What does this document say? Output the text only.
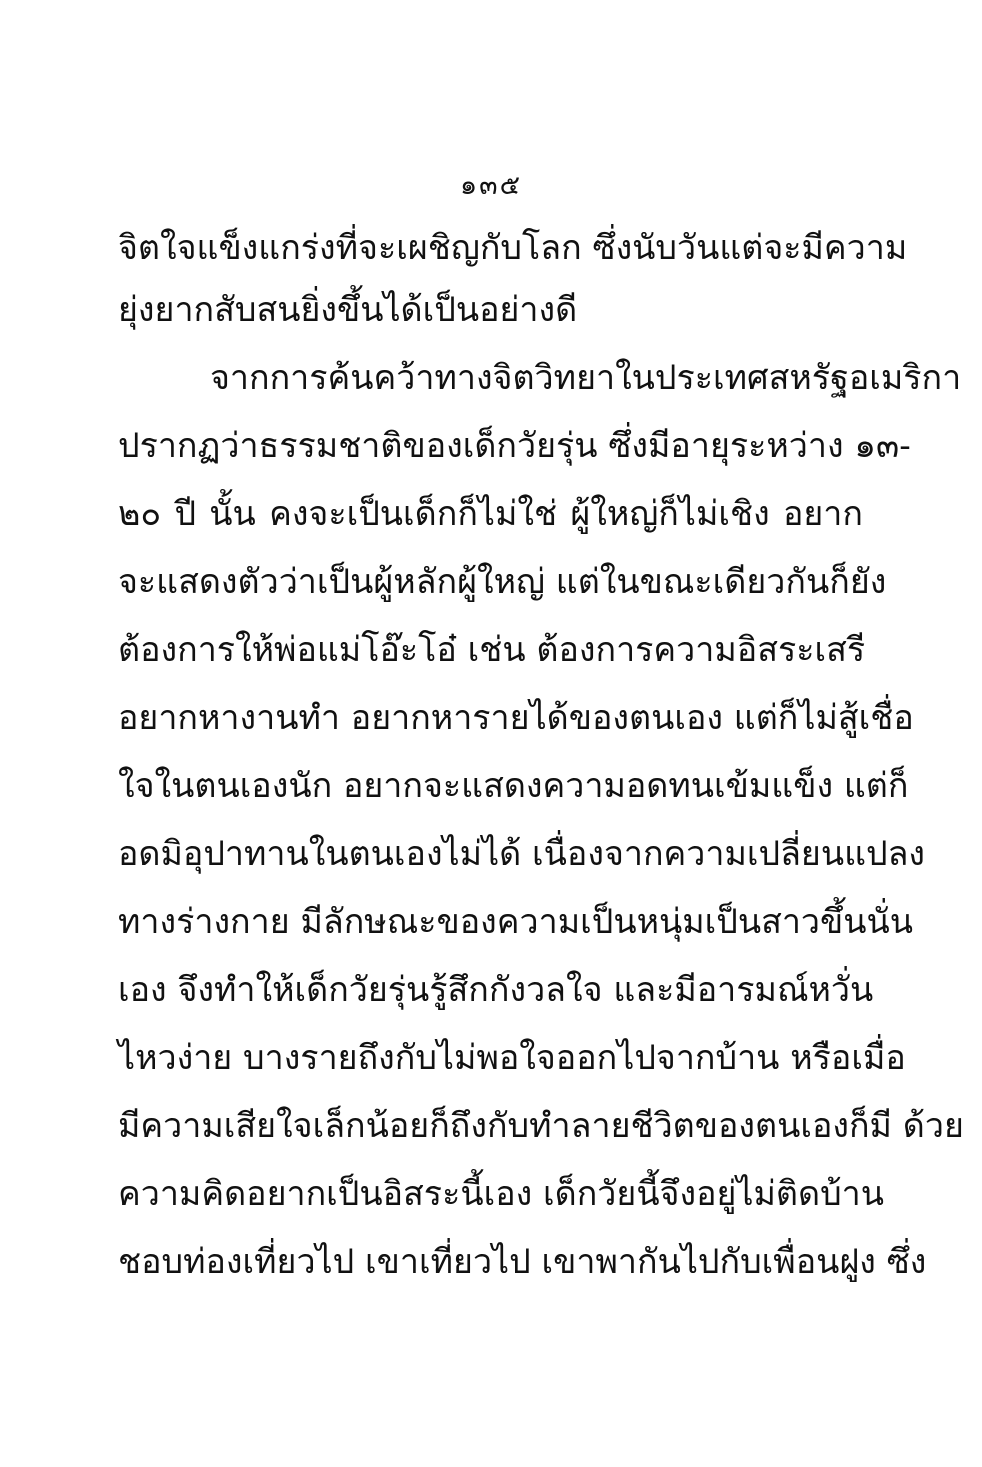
๑๓๕
จิตใจแข็งแกร่งที่จะเผชิญกับโลก ซึ่งนับวันแต่จะมีความ
ยุ่งยากสับสนยิ่งขึ้นได้เป็นอย่างดี
จากการค้นคว้าทางจิตวิทยาในประเทศสหรัฐอเมริกา
ปรากฏว่าธรรมชาติของเด็กวัยรุ่น ซึ่งมีอายุระหว่าง ๑๓-
๒๐ ปี นั้น คงจะเป็นเด็กก็ไม่ใช่ ผู้ใหญ่ก็ไม่เชิง อยาก
จะแสดงตัวว่าเป็นผู้หลักผู้ใหญ่ แต่ในขณะเดียวกันก็ยัง
ต้องการให้พ่อแม่โอ๊ะโอ๋ เช่น ต้องการความอิสระเสรี
อยากหางานทำ อยากหารายได้ของตนเอง แต่ก็ไม่สู้เชื่อ
ใจในตนเองนัก อยากจะแสดงความอดทนเข้มแข็ง แต่ก็
อดมิอุปาทานในตนเองไม่ได้ เนื่องจากความเปลี่ยนแปลง
ทางร่างกาย มีลักษณะของความเป็นหนุ่มเป็นสาวขึ้นนั่น
เอง จึงทำให้เด็กวัยรุ่นรู้สึกกังวลใจ และมีอารมณ์หวั่น
ไหวง่าย บางรายถึงกับไม่พอใจออกไปจากบ้าน หรือเมื่อ
มีความเสียใจเล็กน้อยก็ถึงกับทำลายชีวิตของตนเองก็มี ด้วย
ความคิดอยากเป็นอิสระนี้เอง เด็กวัยนี้จึงอยู่ไม่ติดบ้าน
ชอบท่องเที่ยวไป เขาเที่ยวไป เขาพากันไปกับเพื่อนฝูง ซึ่ง
